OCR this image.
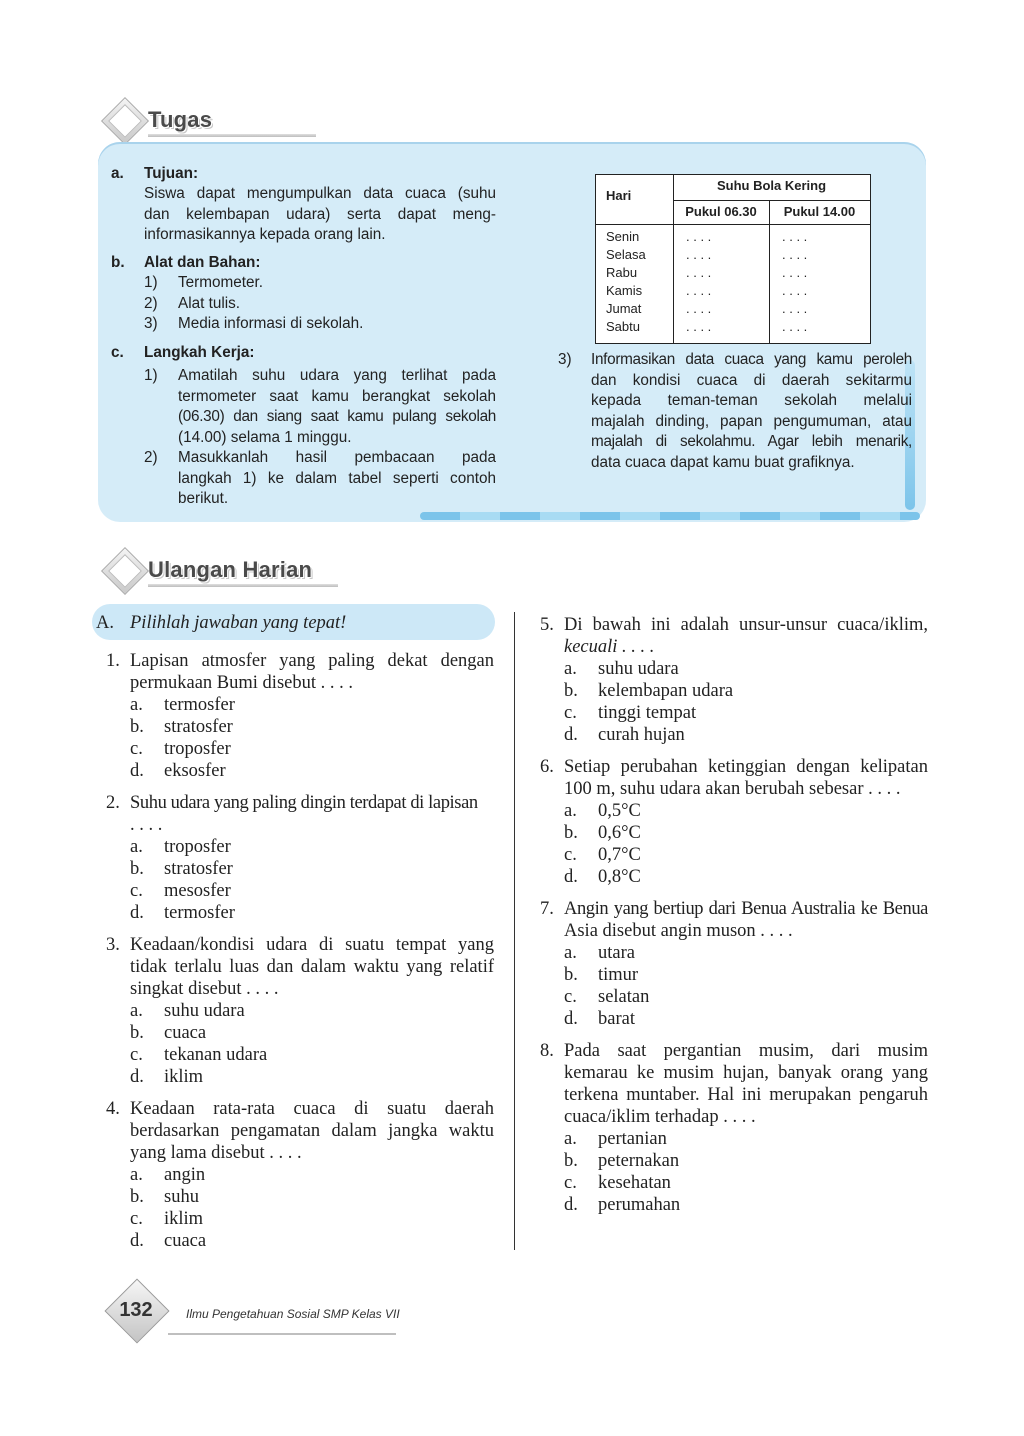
Tugas
a. Tujuan:
Siswa dapat mengumpulkan data cuaca (suhu
dan kelembapan udara) serta dapat meng-
informasikannya kepada orang lain.
b. Alat dan Bahan:
1) Termometer.
2) Alat tulis.
3) Media informasi di sekolah.
c. Langkah Kerja:
1) Amatilah suhu udara yang terlihat pada
termometer saat kamu berangkat sekolah
(06.30) dan siang saat kamu pulang sekolah
(14.00) selama 1 minggu.
2) Masukkanlah hasil pembacaan pada
langkah 1) ke dalam tabel seperti contoh
berikut.
Hari
Suhu Bola Kering
Pukul 06.30	Pukul 14.00
Senin	. . . .	. . . .
Selasa	. . . .	. . . .
Rabu	. . . .	. . . .
Kamis	. . . .	. . . .
Jumat	. . . .	. . . .
Sabtu	. . . .	. . . .
3) Informasikan data cuaca yang kamu peroleh
dan kondisi cuaca di daerah sekitarmu
kepada teman-teman sekolah melalui
majalah dinding, papan pengumuman, atau
majalah di sekolahmu. Agar lebih menarik,
data cuaca dapat kamu buat grafiknya.
Ulangan Harian
A. Pilihlah jawaban yang tepat!
1. Lapisan atmosfer yang paling dekat dengan
permukaan Bumi disebut . . . .
a. termosfer
b. stratosfer
c. troposfer
d. eksosfer
2. Suhu udara yang paling dingin terdapat di lapisan
. . . .
a. troposfer
b. stratosfer
c. mesosfer
d. termosfer
3. Keadaan/kondisi udara di suatu tempat yang
tidak terlalu luas dan dalam waktu yang relatif
singkat disebut . . . .
a. suhu udara
b. cuaca
c. tekanan udara
d. iklim
4. Keadaan rata-rata cuaca di suatu daerah
berdasarkan pengamatan dalam jangka waktu
yang lama disebut . . . .
a. angin
b. suhu
c. iklim
d. cuaca
5. Di bawah ini adalah unsur-unsur cuaca/iklim,
kecuali . . . .
a. suhu udara
b. kelembapan udara
c. tinggi tempat
d. curah hujan
6. Setiap perubahan ketinggian dengan kelipatan
100 m, suhu udara akan berubah sebesar . . . .
a. 0,5°C
b. 0,6°C
c. 0,7°C
d. 0,8°C
7. Angin yang bertiup dari Benua Australia ke Benua
Asia disebut angin muson . . . .
a. utara
b. timur
c. selatan
d. barat
8. Pada saat pergantian musim, dari musim
kemarau ke musim hujan, banyak orang yang
terkena muntaber. Hal ini merupakan pengaruh
cuaca/iklim terhadap . . . .
a. pertanian
b. peternakan
c. kesehatan
d. perumahan
132	Ilmu Pengetahuan Sosial SMP Kelas VII
